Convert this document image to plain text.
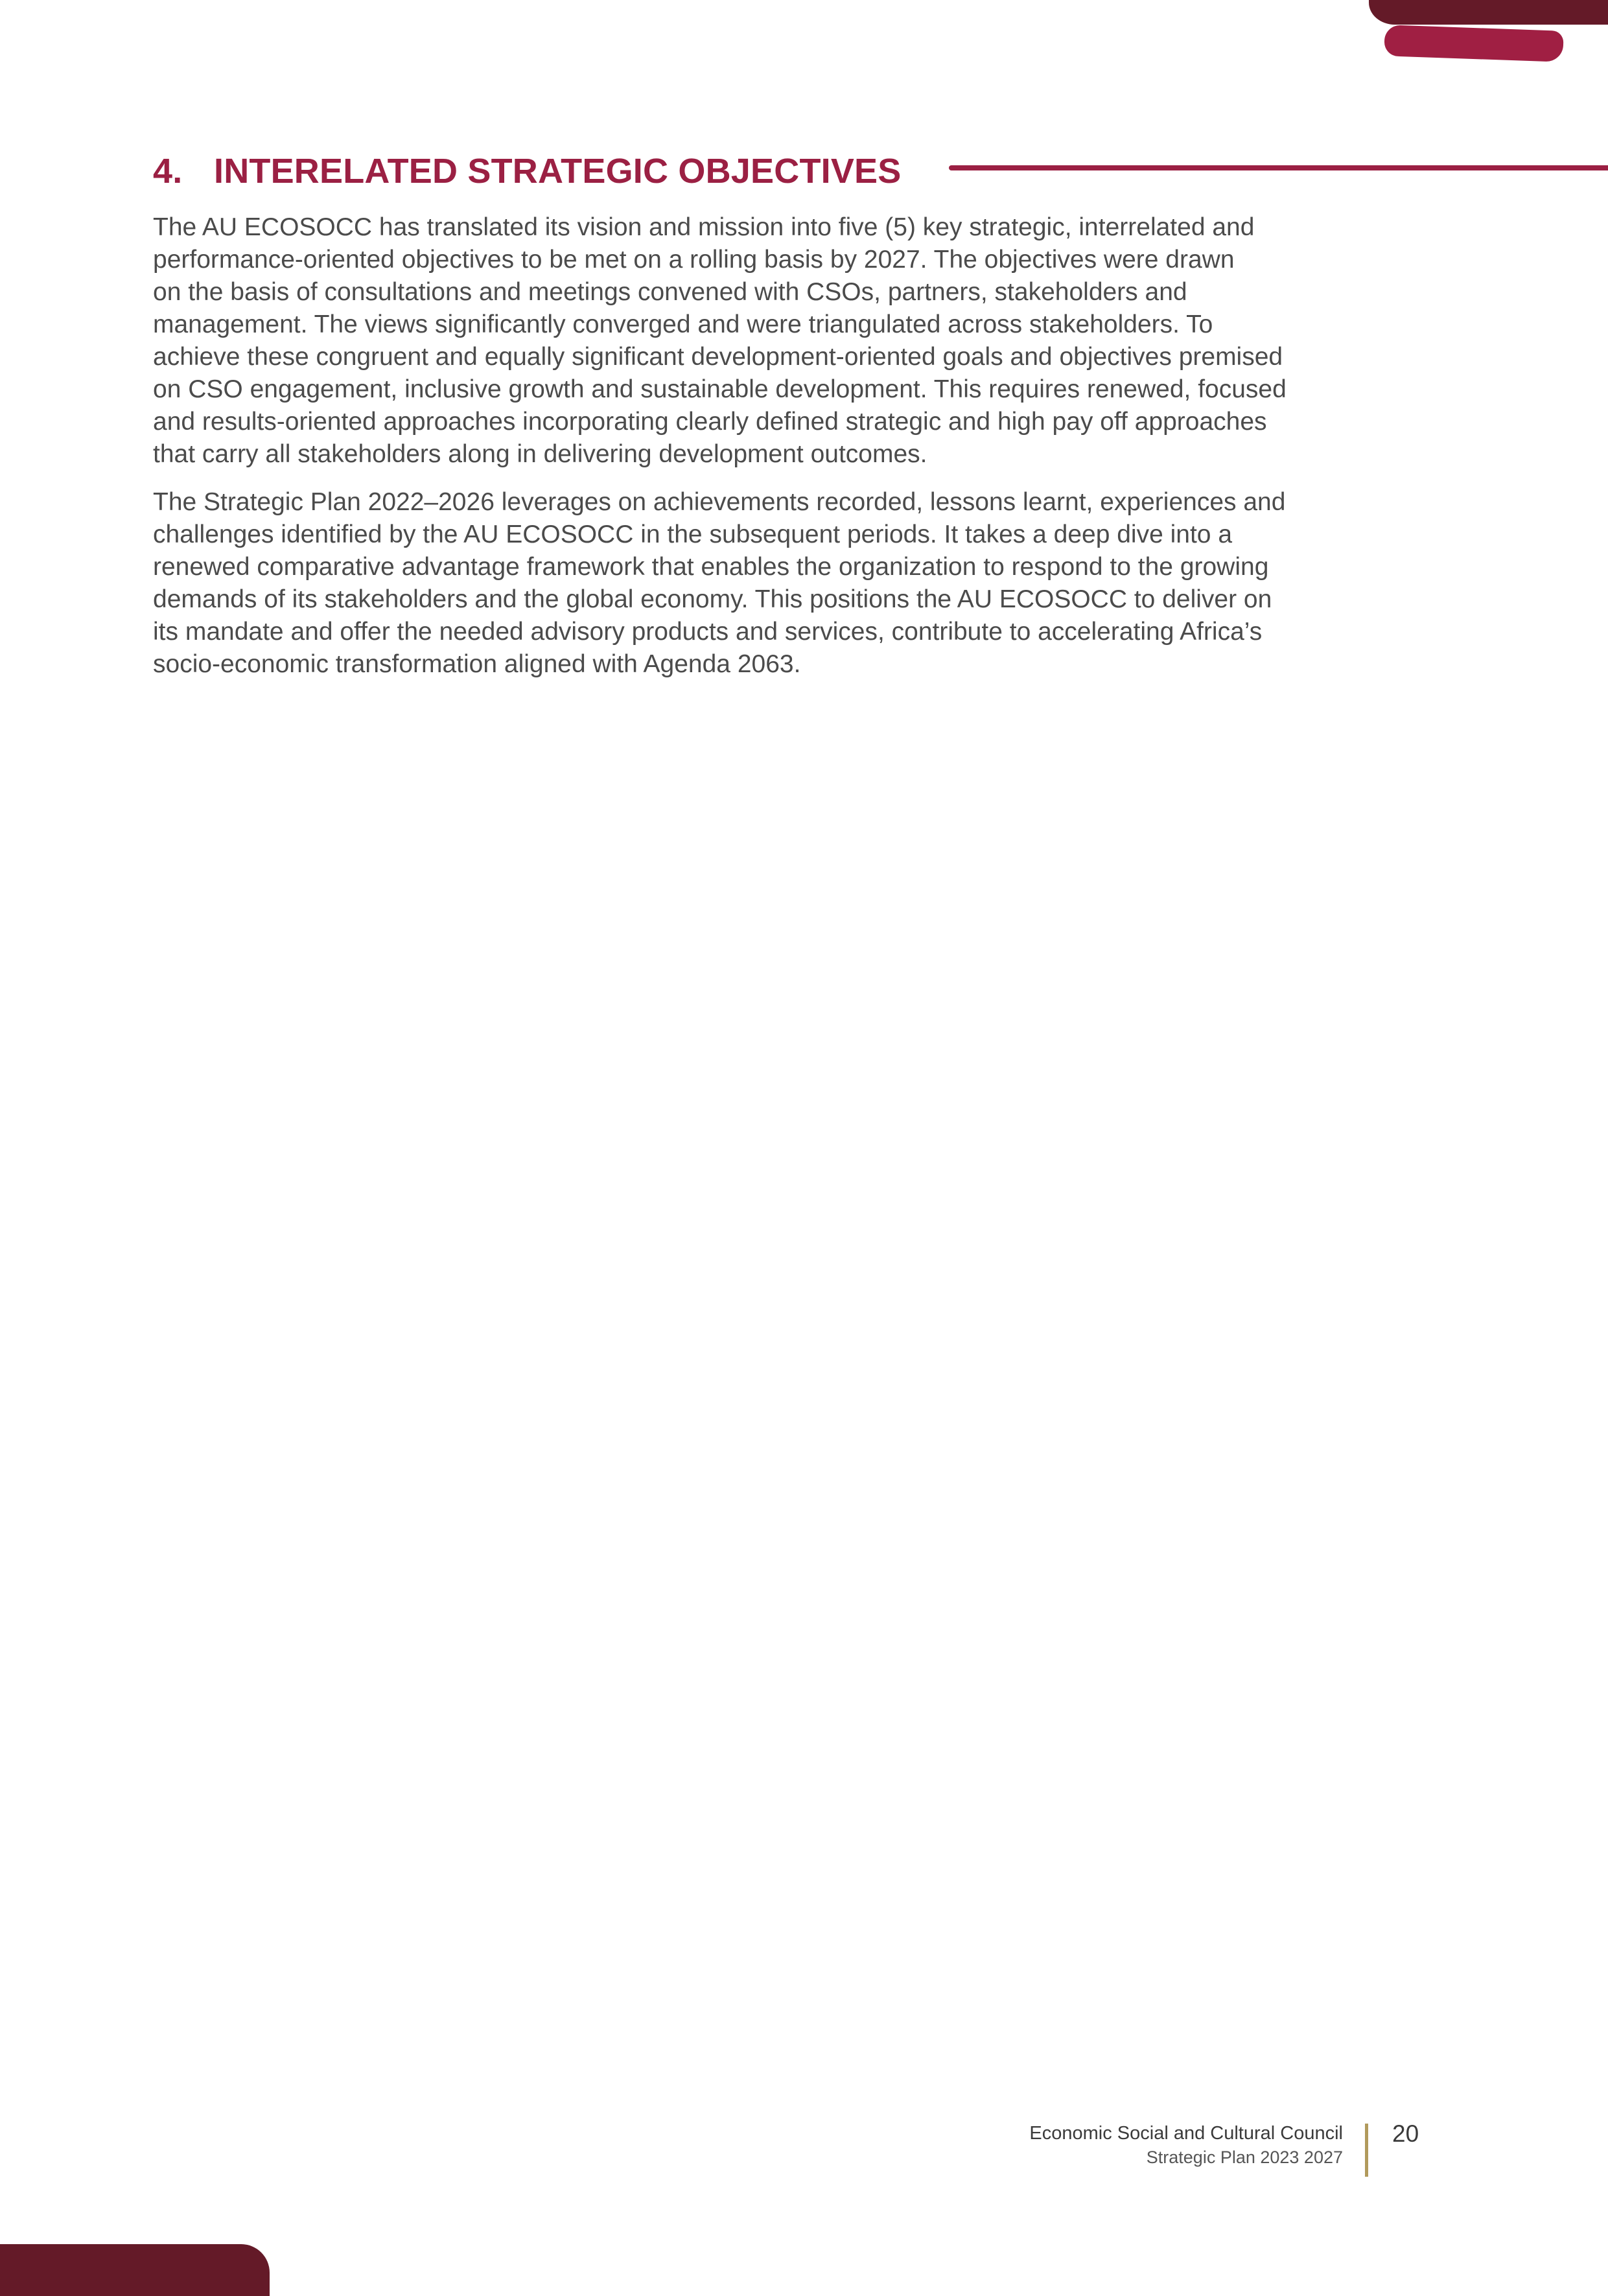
4. INTERELATED STRATEGIC OBJECTIVES

The AU ECOSOCC has translated its vision and mission into five (5) key strategic, interrelated and
performance-oriented objectives to be met on a rolling basis by 2027. The objectives were drawn
on the basis of consultations and meetings convened with CSOs, partners, stakeholders and
management. The views significantly converged and were triangulated across stakeholders. To
achieve these congruent and equally significant development-oriented goals and objectives premised
on CSO engagement, inclusive growth and sustainable development. This requires renewed, focused
and results-oriented approaches incorporating clearly defined strategic and high pay off approaches
that carry all stakeholders along in delivering development outcomes.

The Strategic Plan 2022–2026 leverages on achievements recorded, lessons learnt, experiences and
challenges identified by the AU ECOSOCC in the subsequent periods. It takes a deep dive into a
renewed comparative advantage framework that enables the organization to respond to the growing
demands of its stakeholders and the global economy. This positions the AU ECOSOCC to deliver on
its mandate and offer the needed advisory products and services, contribute to accelerating Africa’s
socio-economic transformation aligned with Agenda 2063.

Economic Social and Cultural Council
Strategic Plan 2023 2027
20
